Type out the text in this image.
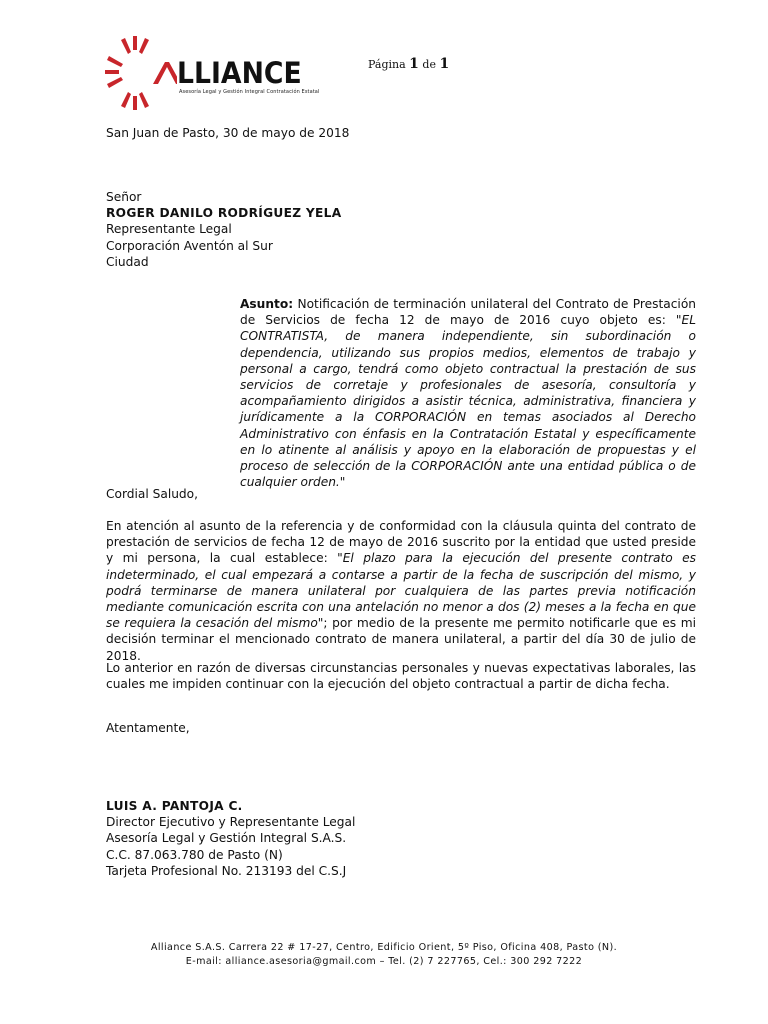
LLIANCE
Asesoría Legal y Gestión Integral Contratación Estatal
Página 1 de 1
San Juan de Pasto, 30 de mayo de 2018
Señor
ROGER DANILO RODRÍGUEZ YELA
Representante Legal
Corporación Aventón al Sur
Ciudad
Asunto: Notificación de terminación unilateral del Contrato de Prestación de Servicios de fecha 12 de mayo de 2016 cuyo objeto es: "EL CONTRATISTA, de manera independiente, sin subordinación o dependencia, utilizando sus propios medios, elementos de trabajo y personal a cargo, tendrá como objeto contractual la prestación de sus servicios de corretaje y profesionales de asesoría, consultoría y acompañamiento dirigidos a asistir técnica, administrativa, financiera y jurídicamente a la CORPORACIÓN en temas asociados al Derecho Administrativo con énfasis en la Contratación Estatal y específicamente en lo atinente al análisis y apoyo en la elaboración de propuestas y el proceso de selección de la CORPORACIÓN ante una entidad pública o de cualquier orden."
Cordial Saludo,
En atención al asunto de la referencia y de conformidad con la cláusula quinta del contrato de prestación de servicios de fecha 12 de mayo de 2016 suscrito por la entidad que usted preside y mi persona, la cual establece: "El plazo para la ejecución del presente contrato es indeterminado, el cual empezará a contarse a partir de la fecha de suscripción del mismo, y podrá terminarse de manera unilateral por cualquiera de las partes previa notificación mediante comunicación escrita con una antelación no menor a dos (2) meses a la fecha en que se requiera la cesación del mismo"; por medio de la presente me permito notificarle que es mi decisión terminar el mencionado contrato de manera unilateral, a partir del día 30 de julio de 2018.
Lo anterior en razón de diversas circunstancias personales y nuevas expectativas laborales, las cuales me impiden continuar con la ejecución del objeto contractual a partir de dicha fecha.
Atentamente,
LUIS A. PANTOJA C.
Director Ejecutivo y Representante Legal
Asesoría Legal y Gestión Integral S.A.S.
C.C. 87.063.780 de Pasto (N)
Tarjeta Profesional No. 213193 del C.S.J
Alliance S.A.S. Carrera 22 # 17-27, Centro, Edificio Orient, 5º Piso, Oficina 408, Pasto (N).
E-mail: alliance.asesoria@gmail.com – Tel. (2) 7 227765, Cel.: 300 292 7222
